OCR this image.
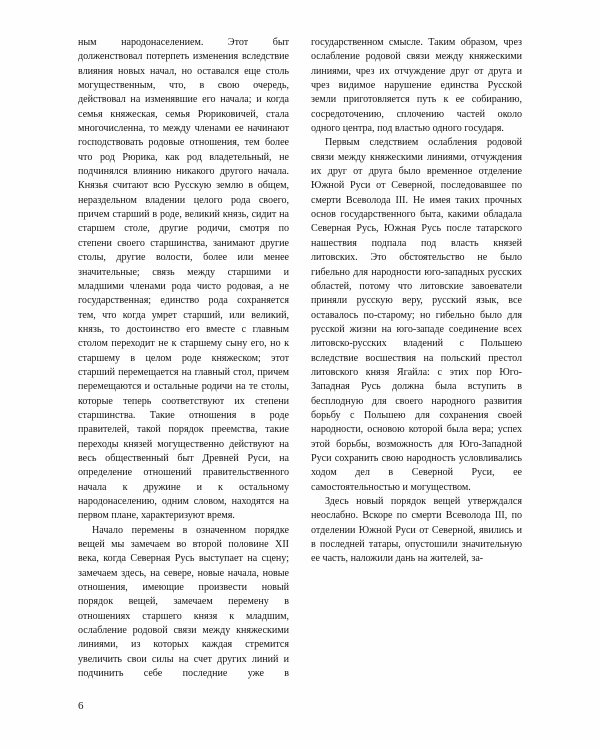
ным народонаселением. Этот быт долженствовал потерпеть изменения вследствие влияния новых начал, но оставался еще столь могущественным, что, в свою очередь, действовал на изменявшие его начала; и когда семья княжеская, семья Рюриковичей, стала многочисленна, то между членами ее начинают господствовать родовые отношения, тем более что род Рюрика, как род владетельный, не подчинялся влиянию никакого другого начала. Князья считают всю Русскую землю в общем, нераздельном владении целого рода своего, причем старший в роде, великий князь, сидит на старшем столе, другие родичи, смотря по степени своего старшинства, занимают другие столы, другие волости, более или менее значительные; связь между старшими и младшими членами рода чисто родовая, а не государственная; единство рода сохраняется тем, что когда умрет старший, или великий, князь, то достоинство его вместе с главным столом переходит не к старшему сыну его, но к старшему в целом роде княжеском; этот старший перемещается на главный стол, причем перемещаются и остальные родичи на те столы, которые теперь соответствуют их степени старшинства. Такие отношения в роде правителей, такой порядок преемства, такие переходы князей могущественно действуют на весь общественный быт Древней Руси, на определение отношений правительственного начала к дружине и к остальному народонаселению, одним словом, находятся на первом плане, характеризуют время.

Начало перемены в означенном порядке вещей мы замечаем во второй половине XII века, когда Северная Русь выступает на сцену; замечаем здесь, на севере, новые начала, новые отношения, имеющие произвести новый порядок вещей, замечаем перемену в отношениях старшего князя к младшим, ослабление родовой связи между княжескими линиями, из которых каждая стремится увеличить свои силы на счет других линий и подчинить себе последние уже в государственном смысле. Таким образом, чрез ослабление родовой связи между княжескими линиями, чрез их отчуждение друг от друга и чрез видимое нарушение единства Русской земли приготовляется путь к ее собиранию, сосредоточению, сплочению частей около одного центра, под властью одного государя.

Первым следствием ослабления родовой связи между княжескими линиями, отчуждения их друг от друга было временное отделение Южной Руси от Северной, последовавшее по смерти Всеволода III. Не имея таких прочных основ государственного быта, какими обладала Северная Русь, Южная Русь после татарского нашествия подпала под власть князей литовских. Это обстоятельство не было гибельно для народности юго-западных русских областей, потому что литовские завоеватели приняли русскую веру, русский язык, все оставалось по-старому; но гибельно было для русской жизни на юго-западе соединение всех литовско-русских владений с Польшею вследствие восшествия на польский престол литовского князя Ягайла: с этих пор Юго-Западная Русь должна была вступить в бесплодную для своего народного развития борьбу с Польшею для сохранения своей народности, основою которой была вера; успех этой борьбы, возможность для Юго-Западной Руси сохранить свою народность условливались ходом дел в Северной Руси, ее самостоятельностью и могуществом.

Здесь новый порядок вещей утверждался неослабно. Вскоре по смерти Всеволода III, по отделении Южной Руси от Северной, явились и в последней татары, опустошили значительную ее часть, наложили дань на жителей, за-

6
